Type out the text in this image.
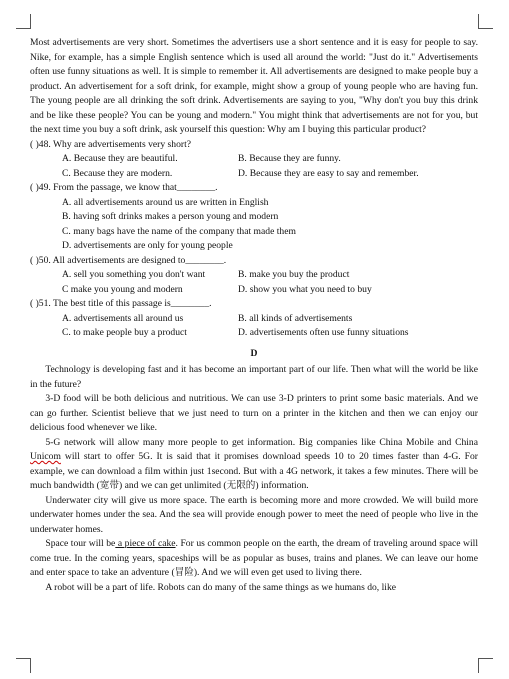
Most advertisements are very short. Sometimes the advertisers use a short sentence and it is easy for people to say. Nike, for example, has a simple English sentence which is used all around the world: "Just do it." Advertisements often use funny situations as well. It is simple to remember it. All advertisements are designed to make people buy a product. An advertisement for a soft drink, for example, might show a group of young people who are having fun. The young people are all drinking the soft drink. Advertisements are saying to you, "Why don't you buy this drink and be like these people? You can be young and modern." You might think that advertisements are not for you, but the next time you buy a soft drink, ask yourself this question: Why am I buying this particular product?

( )48. Why are advertisements very short?
A. Because they are beautiful.	B. Because they are funny.
C. Because they are modern.	D. Because they are easy to say and remember.
( )49. From the passage, we know that________.
A. all advertisements around us are written in English
B. having soft drinks makes a person young and modern
C. many bags have the name of the company that made them
D. advertisements are only for young people
( )50. All advertisements are designed to________.
A. sell you something you don't want	B. make you buy the product
C make you young and modern	D. show you what you need to buy
( )51. The best title of this passage is________.
A. advertisements all around us	B. all kinds of advertisements
C. to make people buy a product	D. advertisements often use funny situations
D

Technology is developing fast and it has become an important part of our life. Then what will the world be like in the future?

3-D food will be both delicious and nutritious. We can use 3-D printers to print some basic materials. And we can go further. Scientist believe that we just need to turn on a printer in the kitchen and then we can enjoy our delicious food whenever we like.

5-G network will allow many more people to get information. Big companies like China Mobile and China Unicom will start to offer 5G. It is said that it promises download speeds 10 to 20 times faster than 4-G. For example, we can download a film within just 1second. But with a 4G network, it takes a few minutes. There will be much bandwidth (宽带) and we can get unlimited (无限的) information.

Underwater city will give us more space. The earth is becoming more and more crowded. We will build more underwater homes under the sea. And the sea will provide enough power to meet the need of people who live in the underwater homes.

Space tour will be a piece of cake. For us common people on the earth, the dream of traveling around space will come true. In the coming years, spaceships will be as popular as buses, trains and planes. We can leave our home and enter space to take an adventure (冒险). And we will even get used to living there.

A robot will be a part of life. Robots can do many of the same things as we humans do, like
